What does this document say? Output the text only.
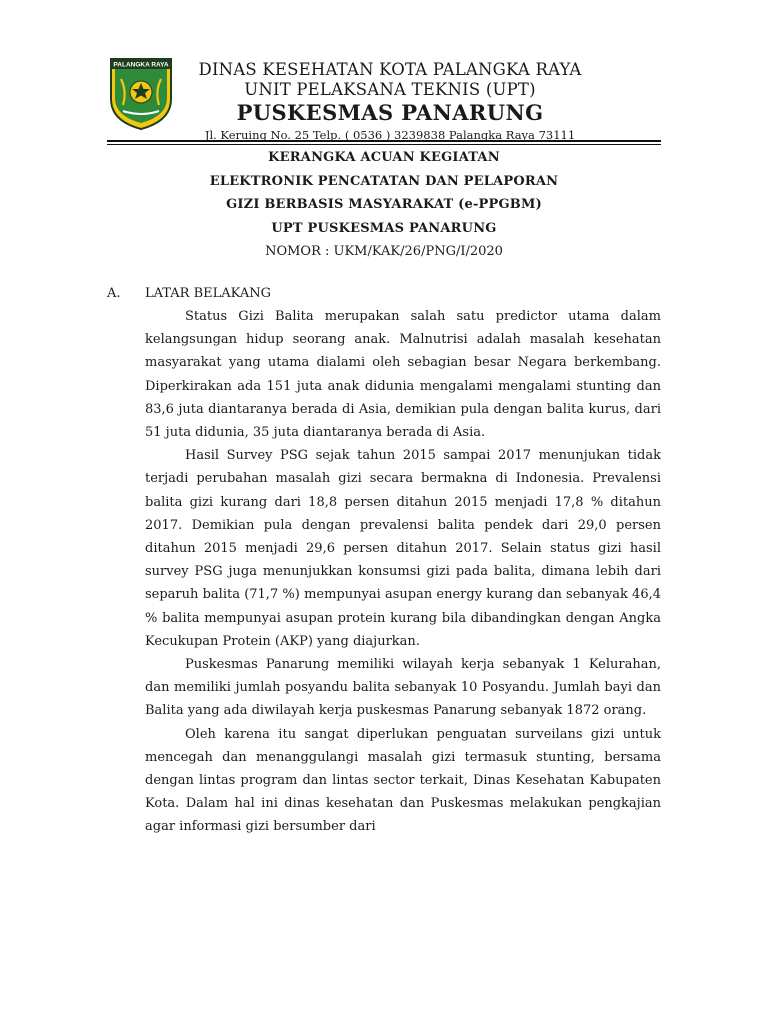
PALANGKA RAYA	DINAS KESEHATAN KOTA PALANGKA RAYA
UNIT PELAKSANA TEKNIS (UPT)
PUSKESMAS PANARUNG
Jl. Keruing No. 25 Telp. ( 0536 ) 3239838 Palangka Raya 73111
KERANGKA ACUAN KEGIATAN
ELEKTRONIK PENCATATAN DAN PELAPORAN
GIZI BERBASIS MASYARAKAT (e-PPGBM)
UPT PUSKESMAS PANARUNG
NOMOR : UKM/KAK/26/PNG/I/2020
A. LATAR BELAKANG

Status Gizi Balita merupakan salah satu predictor utama dalam kelangsungan hidup seorang anak. Malnutrisi adalah masalah kesehatan masyarakat yang utama dialami oleh sebagian besar Negara berkembang. Diperkirakan ada 151 juta anak didunia mengalami mengalami stunting dan 83,6 juta diantaranya berada di Asia, demikian pula dengan balita kurus, dari 51 juta didunia, 35 juta diantaranya berada di Asia.

Hasil Survey PSG sejak tahun 2015 sampai 2017 menunjukan tidak terjadi perubahan masalah gizi secara bermakna di Indonesia. Prevalensi balita gizi kurang dari 18,8 persen ditahun 2015 menjadi 17,8 % ditahun 2017. Demikian pula dengan prevalensi balita pendek dari 29,0 persen ditahun 2015 menjadi 29,6 persen ditahun 2017. Selain status gizi hasil survey PSG juga menunjukkan konsumsi gizi pada balita, dimana lebih dari separuh balita (71,7 %) mempunyai asupan energy kurang dan sebanyak 46,4 % balita mempunyai asupan protein kurang bila dibandingkan dengan Angka Kecukupan Protein (AKP) yang diajurkan.

Puskesmas Panarung memiliki wilayah kerja sebanyak 1 Kelurahan, dan memiliki jumlah posyandu balita sebanyak 10 Posyandu. Jumlah bayi dan Balita yang ada diwilayah kerja puskesmas Panarung sebanyak 1872 orang.

Oleh karena itu sangat diperlukan penguatan surveilans gizi untuk mencegah dan menanggulangi masalah gizi termasuk stunting, bersama dengan lintas program dan lintas sector terkait, Dinas Kesehatan Kabupaten Kota. Dalam hal ini dinas kesehatan dan Puskesmas melakukan pengkajian agar informasi gizi bersumber dari
